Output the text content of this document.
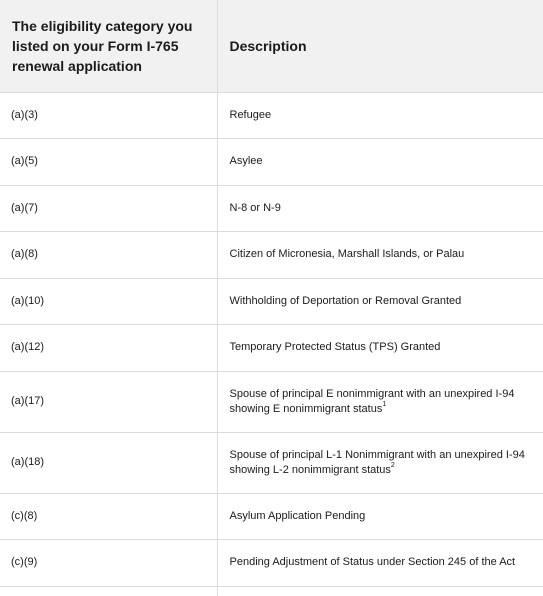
The eligibility category you listed on your Form I-765 renewal application	Description
(a)(3)	Refugee
(a)(5)	Asylee
(a)(7)	N-8 or N-9
(a)(8)	Citizen of Micronesia, Marshall Islands, or Palau
(a)(10)	Withholding of Deportation or Removal Granted
(a)(12)	Temporary Protected Status (TPS) Granted
(a)(17)	Spouse of principal E nonimmigrant with an unexpired I-94 showing E nonimmigrant status$^1$
(a)(18)	Spouse of principal L-1 Nonimmigrant with an unexpired I-94 showing L-2 nonimmigrant status$^2$
(c)(8)	Asylum Application Pending
(c)(9)	Pending Adjustment of Status under Section 245 of the Act
